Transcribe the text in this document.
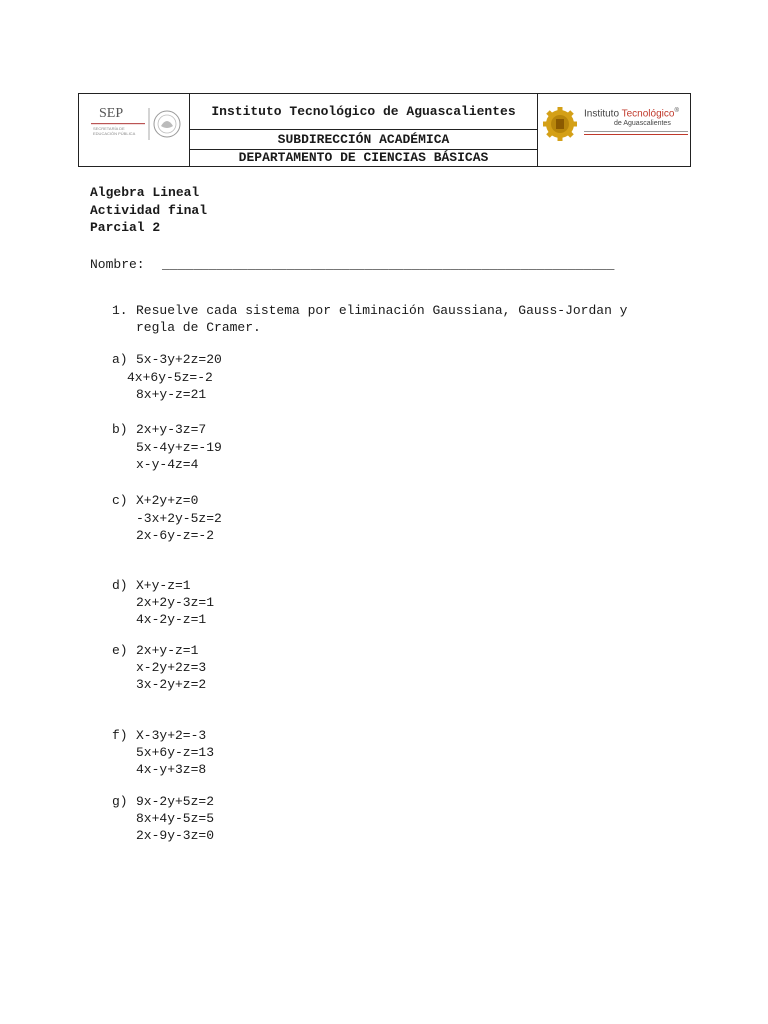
SEP
SECRETARÍA DE
EDUCACIÓN PÚBLICA
Instituto Tecnológico de Aguascalientes
SUBDIRECCIÓN ACADÉMICA
DEPARTAMENTO DE CIENCIAS BÁSICAS
Instituto Tecnológico®
de Aguascalientes
Algebra Lineal
Actividad final
Parcial 2
Nombre: __________________________________________________________
1. Resuelve cada sistema por eliminación Gaussiana, Gauss-Jordan y
regla de Cramer.
a) 5x-3y+2z=20
4x+6y-5z=-2
8x+y-z=21
b) 2x+y-3z=7
5x-4y+z=-19
x-y-4z=4
c) X+2y+z=0
-3x+2y-5z=2
2x-6y-z=-2
d) X+y-z=1
2x+2y-3z=1
4x-2y-z=1
e) 2x+y-z=1
x-2y+2z=3
3x-2y+z=2
f) X-3y+2=-3
5x+6y-z=13
4x-y+3z=8
g) 9x-2y+5z=2
8x+4y-5z=5
2x-9y-3z=0
